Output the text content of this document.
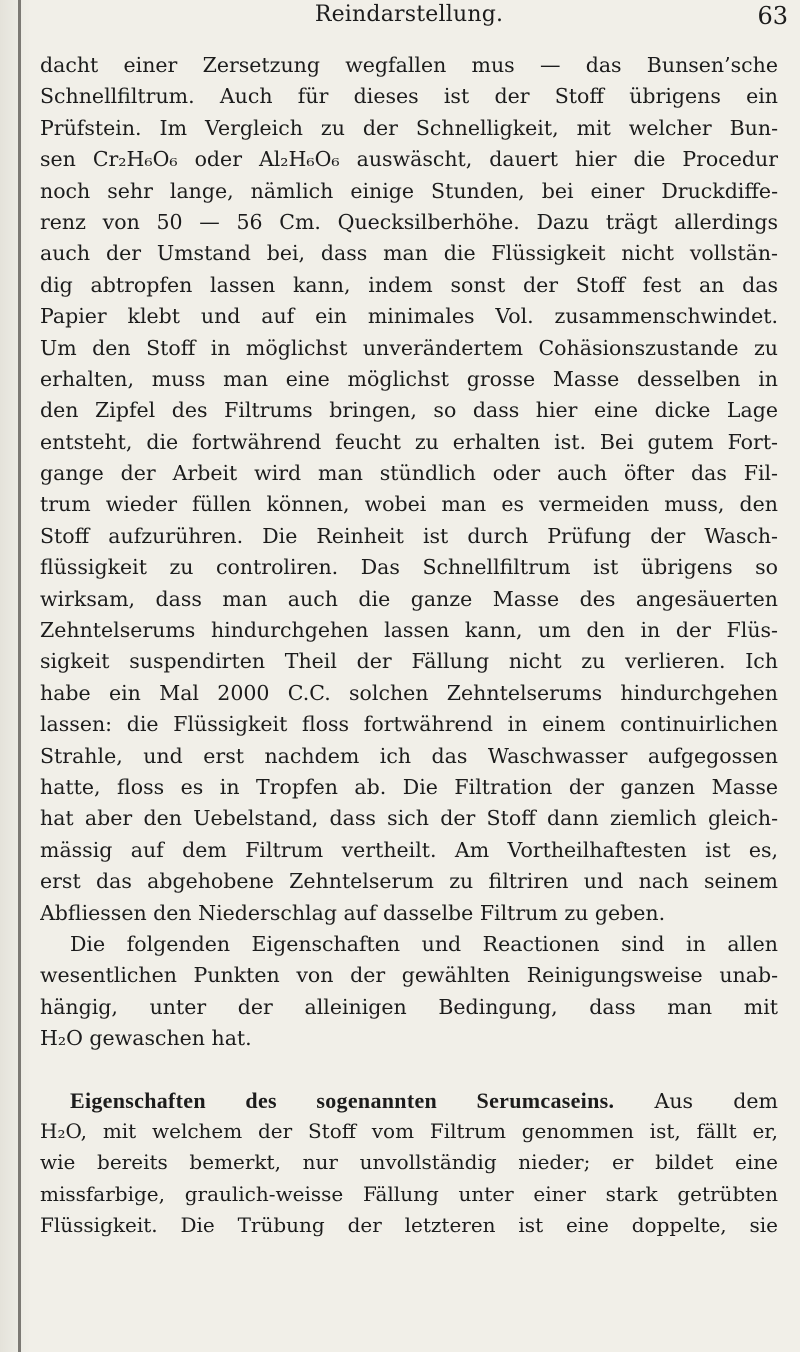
Reindarstellung.	63
dacht einer Zersetzung wegfallen mus — das Bunsen’sche
Schnellfiltrum. Auch für dieses ist der Stoff übrigens ein
Prüfstein. Im Vergleich zu der Schnelligkeit, mit welcher Bun-
sen Cr₂H₆O₆ oder Al₂H₆O₆ auswäscht, dauert hier die Procedur
noch sehr lange, nämlich einige Stunden, bei einer Druckdiffe-
renz von 50 — 56 Cm. Quecksilberhöhe. Dazu trägt allerdings
auch der Umstand bei, dass man die Flüssigkeit nicht vollstän-
dig abtropfen lassen kann, indem sonst der Stoff fest an das
Papier klebt und auf ein minimales Vol. zusammenschwindet.
Um den Stoff in möglichst unverändertem Cohäsionszustande zu
erhalten, muss man eine möglichst grosse Masse desselben in
den Zipfel des Filtrums bringen, so dass hier eine dicke Lage
entsteht, die fortwährend feucht zu erhalten ist. Bei gutem Fort-
gange der Arbeit wird man stündlich oder auch öfter das Fil-
trum wieder füllen können, wobei man es vermeiden muss, den
Stoff aufzurühren. Die Reinheit ist durch Prüfung der Wasch-
flüssigkeit zu controliren. Das Schnellfiltrum ist übrigens so
wirksam, dass man auch die ganze Masse des angesäuerten
Zehntelserums hindurchgehen lassen kann, um den in der Flüs-
sigkeit suspendirten Theil der Fällung nicht zu verlieren. Ich
habe ein Mal 2000 C.C. solchen Zehntelserums hindurchgehen
lassen: die Flüssigkeit floss fortwährend in einem continuirlichen
Strahle, und erst nachdem ich das Waschwasser aufgegossen
hatte, floss es in Tropfen ab. Die Filtration der ganzen Masse
hat aber den Uebelstand, dass sich der Stoff dann ziemlich gleich-
mässig auf dem Filtrum vertheilt. Am Vortheilhaftesten ist es,
erst das abgehobene Zehntelserum zu filtriren und nach seinem
Abfliessen den Niederschlag auf dasselbe Filtrum zu geben.
Die folgenden Eigenschaften und Reactionen sind in allen
wesentlichen Punkten von der gewählten Reinigungsweise unab-
hängig, unter der alleinigen Bedingung, dass man mit
H₂O gewaschen hat.
Eigenschaften des sogenannten Serumcaseins. Aus dem
H₂O, mit welchem der Stoff vom Filtrum genommen ist, fällt er,
wie bereits bemerkt, nur unvollständig nieder; er bildet eine
missfarbige, graulich-weisse Fällung unter einer stark getrübten
Flüssigkeit. Die Trübung der letzteren ist eine doppelte, sie
